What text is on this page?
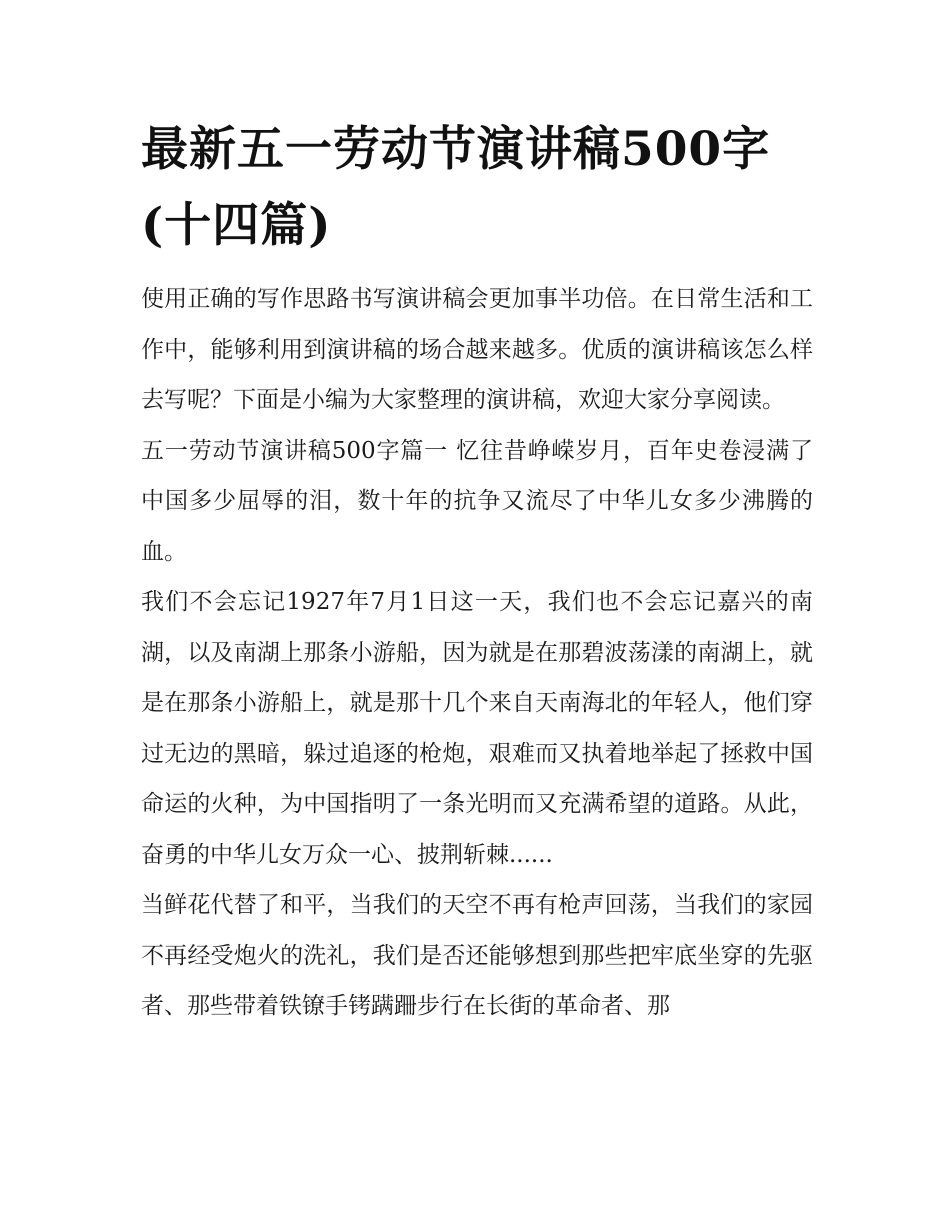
最新五一劳动节演讲稿500字(十四篇)

使用正确的写作思路书写演讲稿会更加事半功倍。在日常生活和工作中，能够利用到演讲稿的场合越来越多。优质的演讲稿该怎么样去写呢？下面是小编为大家整理的演讲稿，欢迎大家分享阅读。

五一劳动节演讲稿500字篇一 忆往昔峥嵘岁月，百年史卷浸满了中国多少屈辱的泪，数十年的抗争又流尽了中华儿女多少沸腾的血。

我们不会忘记1927年7月1日这一天，我们也不会忘记嘉兴的南湖，以及南湖上那条小游船，因为就是在那碧波荡漾的南湖上，就是在那条小游船上，就是那十几个来自天南海北的年轻人，他们穿过无边的黑暗，躲过追逐的枪炮，艰难而又执着地举起了拯救中国命运的火种，为中国指明了一条光明而又充满希望的道路。从此，奋勇的中华儿女万众一心、披荆斩棘......

当鲜花代替了和平，当我们的天空不再有枪声回荡，当我们的家园不再经受炮火的洗礼，我们是否还能够想到那些把牢底坐穿的先驱者、那些带着铁镣手铐蹒跚步行在长街的革命者、那
